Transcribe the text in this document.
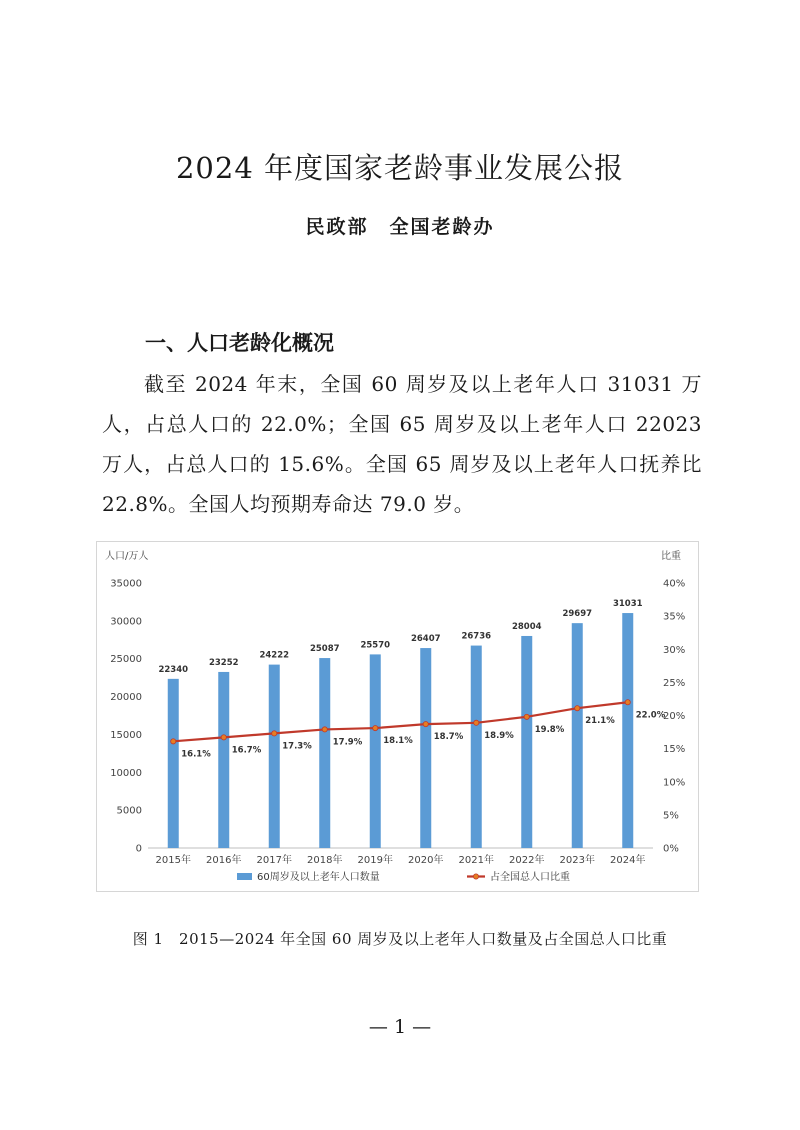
2024 年度国家老龄事业发展公报
民政部　全国老龄办
一、人口老龄化概况
截至 2024 年末，全国 60 周岁及以上老年人口 31031 万人，占总人口的 22.0%；全国 65 周岁及以上老年人口 22023 万人，占总人口的 15.6%。全国 65 周岁及以上老年人口抚养比 22.8%。全国人均预期寿命达 79.0 岁。
人口/万人	比重
0
5000
10000
15000
20000
25000
30000
35000
0%
5%
10%
15%
20%
25%
30%
35%
40%
22340
23252
24222
25087 25570
26407 26736
28004
29697
31031
2015年 2016年 2017年 2018年 2019年 2020年 2021年 2022年 2023年 2024年
16.1% 16.7% 17.3% 17.9% 18.1% 18.7% 18.9%
19.8%
21.1%
22.0%
60周岁及以上老年人口数量	占全国总人口比重
图 1　2015—2024 年全国 60 周岁及以上老年人口数量及占全国总人口比重
— 1 —
